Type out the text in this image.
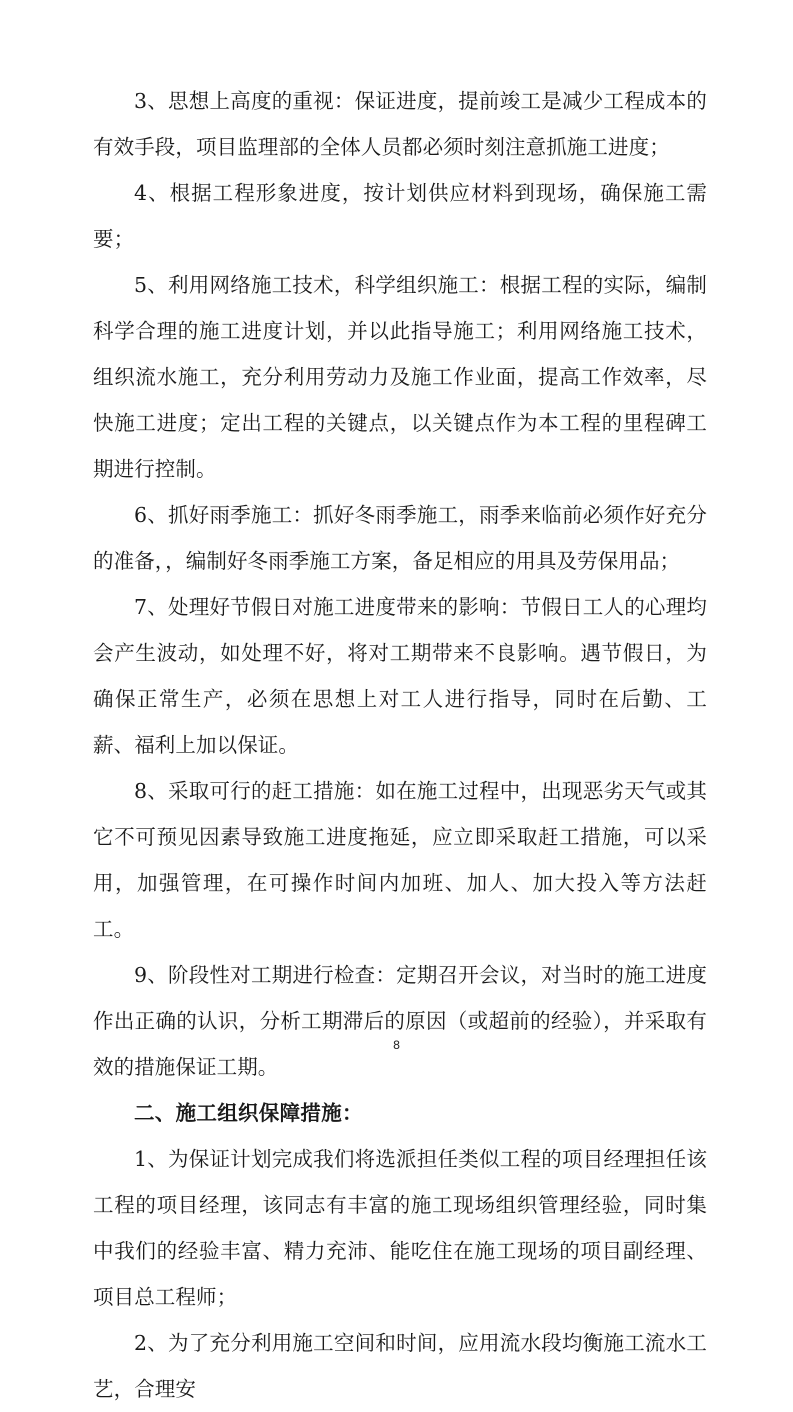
3、思想上高度的重视：保证进度，提前竣工是减少工程成本的有效手段，项目监理部的全体人员都必须时刻注意抓施工进度；

4、根据工程形象进度，按计划供应材料到现场，确保施工需要；

5、利用网络施工技术，科学组织施工：根据工程的实际，编制科学合理的施工进度计划，并以此指导施工；利用网络施工技术，组织流水施工，充分利用劳动力及施工作业面，提高工作效率，尽快施工进度；定出工程的关键点，以关键点作为本工程的里程碑工期进行控制。

6、抓好雨季施工：抓好冬雨季施工，雨季来临前必须作好充分的准备，，编制好冬雨季施工方案，备足相应的用具及劳保用品；

7、处理好节假日对施工进度带来的影响：节假日工人的心理均会产生波动，如处理不好，将对工期带来不良影响。遇节假日，为确保正常生产，必须在思想上对工人进行指导，同时在后勤、工薪、福利上加以保证。

8、采取可行的赶工措施：如在施工过程中，出现恶劣天气或其它不可预见因素导致施工进度拖延，应立即采取赶工措施，可以采用，加强管理，在可操作时间内加班、加人、加大投入等方法赶工。

9、阶段性对工期进行检查：定期召开会议，对当时的施工进度作出正确的认识，分析工期滞后的原因（或超前的经验），并采取有效的措施保证工期。

二、施工组织保障措施：

1、为保证计划完成我们将选派担任类似工程的项目经理担任该工程的项目经理，该同志有丰富的施工现场组织管理经验，同时集中我们的经验丰富、精力充沛、能吃住在施工现场的项目副经理、项目总工程师；

2、为了充分利用施工空间和时间，应用流水段均衡施工流水工艺，合理安

8
